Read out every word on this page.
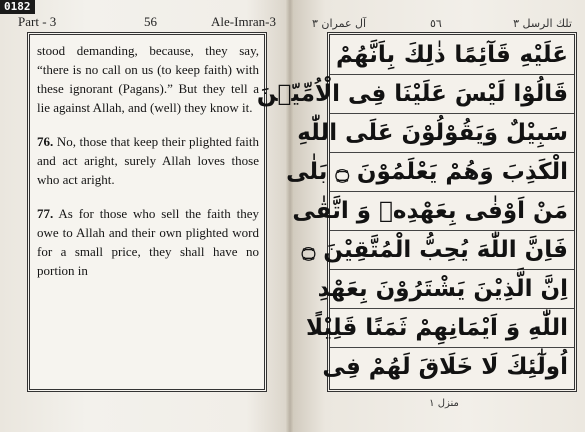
0182
Part - 3	56	Ale-Imran-3

stood demanding, because, they say, “there is no call on us (to keep faith) with these ignorant (Pagans).” But they tell a lie against Allah, and (well) they know it.

76. No, those that keep their plighted faith and act aright, surely Allah loves those who act aright.

77. As for those who sell the faith they owe to Allah and their own plighted word for a small price, they shall have no portion in

تلك الرسل ٣
٥٦
آل عمران ٣
عَلَيْهِ قَآئِمًا ذٰلِكَ بِاَنَّهُمْ
قَالُوْا لَيْسَ عَلَيْنَا فِى الْاُمِّيّٖنَ
سَبِيْلٌ وَيَقُوْلُوْنَ عَلَى اللّٰهِ
الْكَذِبَ وَهُمْ يَعْلَمُوْنَ ۝ بَلٰى
مَنْ اَوْفٰى بِعَهْدِهٖ وَ اتَّقٰى
فَاِنَّ اللّٰهَ يُحِبُّ الْمُتَّقِيْنَ ۝
اِنَّ الَّذِيْنَ يَشْتَرُوْنَ بِعَهْدِ
اللّٰهِ وَ اَيْمَانِهِمْ ثَمَنًا قَلِيْلًا
اُولٰٓئِكَ لَا خَلَاقَ لَهُمْ فِى
منزل ١
